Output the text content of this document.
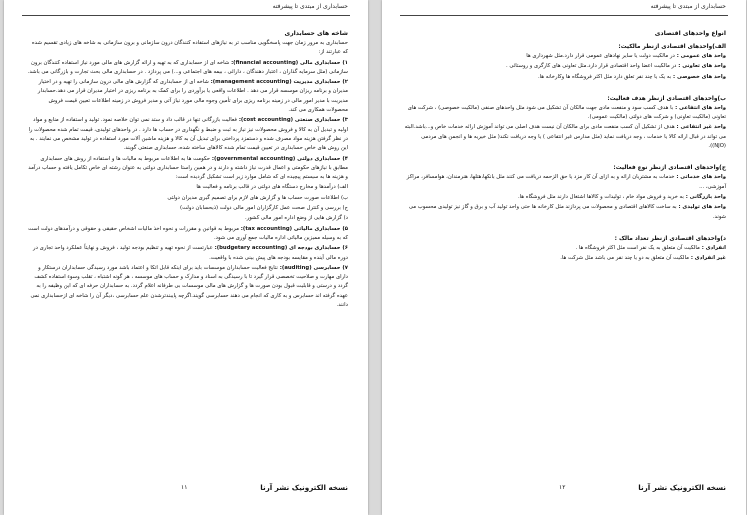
حسابداری از مبتدی تا پیشرفته
شاخه های حسابداری

حسابداری به مرور زمان جهت پاسخگویی مناسب تر به نیازهای استفاده کنندگان درون سازمانی و برون سازمانی به شاخه های زیادی تقسیم شده که عبارتند از:

۱) حسابداری مالی (financial accounting): شاخه ای از حسابداری که به تهیه و ارائه گزارش های مالی مورد نیاز استفاده کنندگان برون سازمانی (مثل سرمایه گذاران ، اعتبار دهندگان ، دارائی ، بیمه های اجتماعی و...) می پردازد . در حسابداری مالی بحث تجارت و بازرگانی می باشد.

۲) حسابداری مدیریت (management accounting): شاخه ای از حسابداری که گزارش های مالی درون سازمانی را تهیه و در اختیار مدیران و برنامه ریزان موسسه قرار می دهد . اطلاعات واقعی یا برآوردی را برای کمک به برنامه ریزی در اختیار مدیران قرار می دهد.حسابدار مدیریت با مدیر امور مالی در زمینه برنامه ریزی برای تأمین وجوه مالی مورد نیاز آتی و مدیر فروش در زمینه اطلاعات تعیین قیمت فروش محصولات همکاری می کند.

۳) حسابداری صنعتی (cost accounting): فعالیت بازرگانی تنها در قالب داد و ستد نمی توان خلاصه نمود. تولید و استفاده از منابع و مواد اولیه و تبدیل آن به کالا و فروش محصولات نیز نیاز به ثبت و ضبط و نگهداری در حساب ها دارد . در واحدهای تولیدی، قیمت تمام شده محصولات را در نظر گرفتن هزینه مواد مصرف شده و دستمزد پرداختی برای تبدیل آن به کالا و هزینه ماشین آلات مورد استفاده در تولید مشخص می نمایند . به این روش های خاص حسابداری در تعیین قیمت تمام شده کالاهای ساخته شده، حسابداری صنعتی گویند.

۴) حسابداری دولتی (governmental accounting): حکومت ها به اطلاعات مربوط به مالیات ها و استفاده از روش های حسابداری مطابق با نیازهای حکومتی و اعمال قدرت نیاز داشته و دارند و در همین راستا حسابداری دولتی به عنوان رشته ای خاص تکامل یافته و حساب درآمد و هزینه ها به سیستم پیچیده ای که شامل موارد زیر است تشکیل گردیده است:

الف) درآمدها و مخارج دستگاه های دولتی در قالب برنامه و فعالیت ها

ب) اطلاعات صورت حساب ها و گزارش های لازم برای تصمیم گیری مدیران دولتی

ج) بررسی و کنترل صحت عمل کارگزاران امور مالی دولت (ذیحسابان دولت)

د) گزارش هایی از وضع اداره امور مالی کشور.

۵) حسابداری مالیاتی (tax accounting): مربوط به قوانین و مقررات و نحوه اخذ مالیات اشخاص حقیقی و حقوقی و درآمدهای دولت است که به وسیله ممیزین مالیاتی اداره مالیات جمع آوری می شود.

۶) حسابداری بودجه ای (budgetary accounting): عبارتست از نحوه تهیه و تنظیم بودجه تولید ، فروش و نهایتاً عملکرد واحد تجاری در دوره مالی آینده و مقایسه بودجه های پیش بینی شده با واقعیت.

۷) حسابرسی (auditing): نتایج فعالیت حسابداران موسسات باید برای اینکه قابل اتکا و اعتماد باشد مورد رسیدگی حسابداران درستکار و دارای مهارت و صلاحیت تخصصی قرار گیرد تا با رسیدگی به اسناد و مدارک و حساب های موسسه ، هر گونه اشتباه ، تقلب وسوء استفاده کشف گردد و درستی و قابلیت قبول بودن صورت ها و گزارش های مالی موسسات بی طرفانه اعلام گردد. به حسابداران حرفه ای که این وظیفه را به عهده گرفته اند حسابرس و به کاری که انجام می دهند حسابرسی گویند.اگرچه پایبندترشدن علم حسابرسی ،دیگر آن را شاخه ای ازحسابداری نمی دانند.

نسخه الکترونیک نشر آرنا
۱۱
حسابداری از مبتدی تا پیشرفته
انواع واحدهای اقتصادی
الف)واحدهای اقتصادی ازنظر مالکیت:

واحد های عمومی : در مالکیت دولت یا سایر نهادهای عمومی قرار دارد.مثل شهرداری ها

واحد های تعاونی : در مالکیت اعضا واحد اقتصادی قرار دارد.مثل تعاونی های کارگری و روستائی .

واحد های خصوصی : به یک یا چند نفر تعلق دارد مثل اکثر فروشگاه ها وکارخانه ها.

ب)واحدهای اقتصادی ازنظر هدف فعالیت:

واحد های انتفاعی : با هدف کسب سود و منفعت مادی جهت مالکان آن تشکیل می شود مثل واحدهای صنفی (مالکیت خصوصی) ، شرکت های تعاونی (مالکیت تعاونی) و شرکت های دولتی (مالکیت عمومی).

واحد غیر انتفاعی : هدف از تشکیل آن کسب منفعت مادی برای مالکان آن نیست هدف اصلی می تواند آموزش ارائه خدمات خاص و...باشد.البته می تواند در قبال ارائه کالا یا خدمات ، وجه دریافت نماید (مثل مدارس غیر انتفاعی ) یا وجه دریافت نکند( مثل خیریه ها و انجمن های مردمی (NJO)).

ج)واحدهای اقتصادی ازنظر نوع فعالیت:

واحد های خدماتی : خدمات به مشتریان ارائه و به ازای آن کار مزد یا حق الزحمه دریافت می کنند مثل بانکها،هتلها، هنرمندان، هوامسافر، مراکز آموزشی، ...

واحد بازرگانی : به خرید و فروش مواد خام ، تولیدات و کالاها اشتغال دارند مثل فروشگاه ها.

واحد های تولیدی : به ساخت کالاهای اقتصادی و محصولات می پردازند مثل کارخانه ها حتی واحد تولید آب و برق و گاز نیز تولیدی محسوب می شوند.

د)واحدهای اقتصادی ازنظر تعداد مالک :

انفرادی : مالکیت آن متعلق به یک نفر است مثل اکثر فروشگاه ها .

غیر انفرادی : مالکیت آن متعلق به دو یا چند نفر می باشد مثل شرکت ها.

نسخه الکترونیک نشر آرنا
۱۲
